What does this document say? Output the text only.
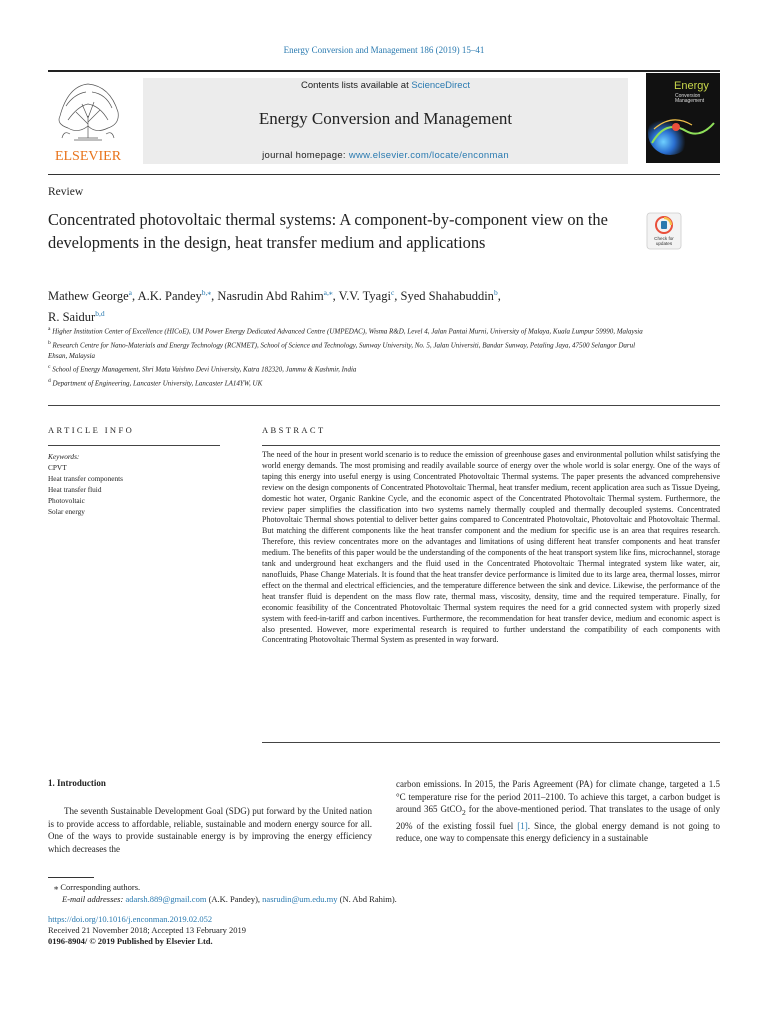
Energy Conversion and Management 186 (2019) 15–41
ELSEVIER
Contents lists available at ScienceDirect
Energy Conversion and Management
journal homepage: www.elsevier.com/locate/enconman
Energy
Conversion
Management
Review
Concentrated photovoltaic thermal systems: A component-by-component view on the developments in the design, heat transfer medium and applications	Check for
updates
Mathew George$^a$, A.K. Pandey$^{b,⁎}$, Nasrudin Abd Rahim$^{a,⁎}$, V.V. Tyagi$^c$, Syed Shahabuddin$^b$,
R. Saidur$^{b,d}$
$^a$ Higher Institution Center of Excellence (HICoE), UM Power Energy Dedicated Advanced Centre (UMPEDAC), Wisma R&D, Level 4, Jalan Pantai Murni, University of Malaya, Kuala Lumpur 59990, Malaysia
$^b$ Research Centre for Nano-Materials and Energy Technology (RCNMET), School of Science and Technology, Sunway University, No. 5, Jalan Universiti, Bandar Sunway, Petaling Jaya, 47500 Selangor Darul Ehsan, Malaysia
$^c$ School of Energy Management, Shri Mata Vaishno Devi University, Katra 182320, Jammu & Kashmir, India
$^d$ Department of Engineering, Lancaster University, Lancaster LA14YW, UK
ARTICLE INFO	ABSTRACT
Keywords:
CPVT
Heat transfer components
Heat transfer fluid
Photovoltaic
Solar energy
The need of the hour in present world scenario is to reduce the emission of greenhouse gases and environmental pollution whilst satisfying the world energy demands. The most promising and readily available source of energy over the whole world is solar energy. One of the ways of taping this energy into useful energy is using Concentrated Photovoltaic Thermal systems. The paper presents the advanced comprehensive review on the design components of Concentrated Photovoltaic Thermal, heat transfer medium, recent application area such as Tissue Dyeing, domestic hot water, Organic Rankine Cycle, and the economic aspect of the Concentrated Photovoltaic Thermal system. Furthermore, the review paper simplifies the classification into two systems namely thermally coupled and thermally decoupled systems. Concentrated Photovoltaic Thermal shows potential to deliver better gains compared to Concentrated Photovoltaic, Photovoltaic and Photovoltaic Thermal. But matching the different components like the heat transfer component and the medium for specific use is an area that requires research. Therefore, this review concentrates more on the advantages and limitations of using different heat transfer components and heat transfer medium. The benefits of this paper would be the understanding of the components of the heat transport system like fins, microchannel, storage tank and underground heat exchangers and the fluid used in the Concentrated Photovoltaic Thermal integrated system like water, air, nanofluids, Phase Change Materials. It is found that the heat transfer device performance is limited due to its large area, thermal losses, mirror effect on the thermal and electrical efficiencies, and the temperature difference between the sink and device. Likewise, the performance of the heat transfer fluid is dependent on the mass flow rate, thermal mass, viscosity, density, time and the required temperature. Finally, for economic feasibility of the Concentrated Photovoltaic Thermal system requires the need for a grid connected system with properly sized system with feed-in-tariff and carbon incentives. Furthermore, the recommendation for heat transfer device, medium and economic aspect is also presented. However, more experimental research is required to further understand the compatibility of each components with Concentrating Photovoltaic Thermal System as presented in way forward.
1. Introduction
The seventh Sustainable Development Goal (SDG) put forward by the United nation is to provide access to affordable, reliable, sustainable and modern energy source for all. One of the ways to provide sustainable energy is by improving the energy efficiency which decreases the
carbon emissions. In 2015, the Paris Agreement (PA) for climate change, targeted a 1.5 °C temperature rise for the period 2011–2100. To achieve this target, a carbon budget is around 365 GtCO$_2$ for the above-mentioned period. That translates to the usage of only 20% of the existing fossil fuel [1]. Since, the global energy demand is not going to reduce, one way to compensate this energy deficiency in a sustainable
⁎ Corresponding authors.
E-mail addresses: adarsh.889@gmail.com (A.K. Pandey), nasrudin@um.edu.my (N. Abd Rahim).
https://doi.org/10.1016/j.enconman.2019.02.052
Received 21 November 2018; Accepted 13 February 2019
0196-8904/ © 2019 Published by Elsevier Ltd.
